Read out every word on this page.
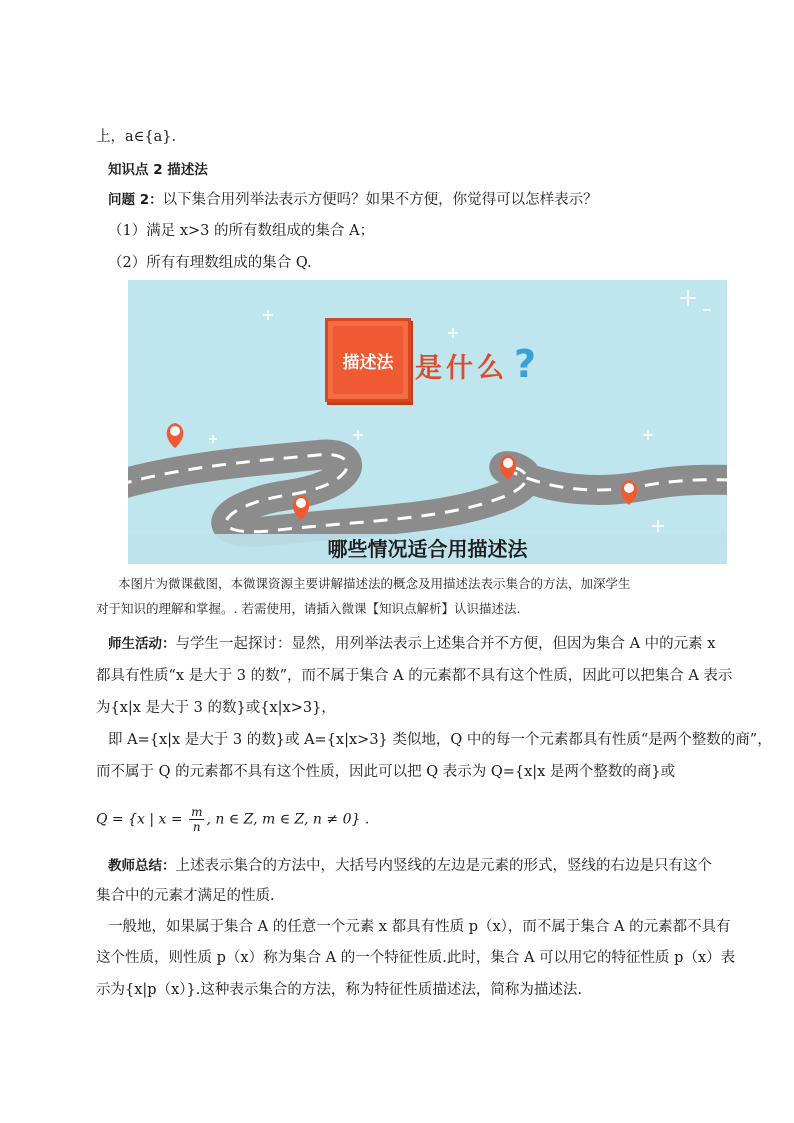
上，a∈{a}.
知识点 2 描述法
问题 2：以下集合用列举法表示方便吗？如果不方便，你觉得可以怎样表示？
（1）满足 x>3 的所有数组成的集合 A；
（2）所有有理数组成的集合 Q.
描述法 是什么 ?
哪些情况适合用描述法
本图片为微课截图，本微课资源主要讲解描述法的概念及用描述法表示集合的方法，加深学生
对于知识的理解和掌握。. 若需使用，请插入微课【知识点解析】认识描述法.
师生活动：与学生一起探讨：显然，用列举法表示上述集合并不方便，但因为集合 A 中的元素 x
都具有性质“x 是大于 3 的数”，而不属于集合 A 的元素都不具有这个性质，因此可以把集合 A 表示
为{x|x 是大于 3 的数}或{x|x>3}，
即 A={x|x 是大于 3 的数}或 A={x|x>3} 类似地，Q 中的每一个元素都具有性质“是两个整数的商”，
而不属于 Q 的元素都不具有这个性质，因此可以把 Q 表示为 Q={x|x 是两个整数的商}或
Q = {x | $x = \frac{m}{n}$ , n ∈ Z, m ∈ Z, n ≠ 0} .
教师总结：上述表示集合的方法中，大括号内竖线的左边是元素的形式，竖线的右边是只有这个
集合中的元素才满足的性质.
一般地，如果属于集合 A 的任意一个元素 x 都具有性质 p（x），而不属于集合 A 的元素都不具有
这个性质，则性质 p（x）称为集合 A 的一个特征性质.此时，集合 A 可以用它的特征性质 p（x）表
示为{x|p（x）}.这种表示集合的方法，称为特征性质描述法，简称为描述法.
